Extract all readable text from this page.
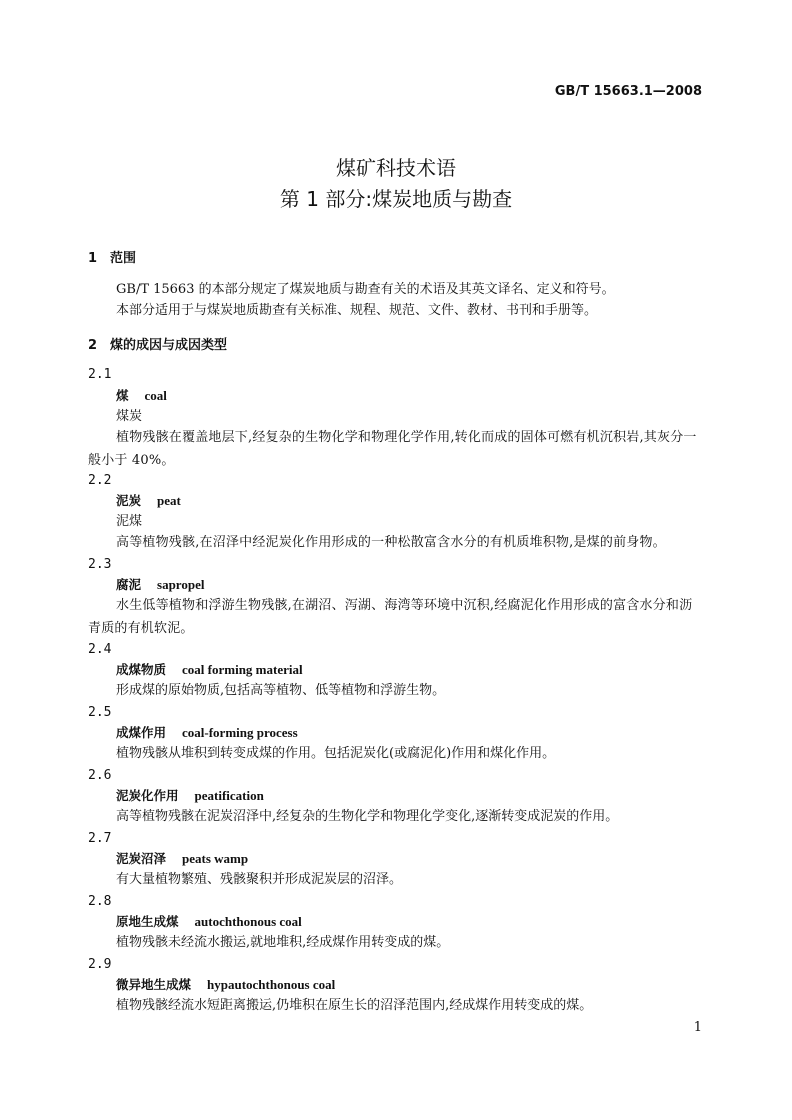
GB/T 15663.1—2008
煤矿科技术语
第 1 部分:煤炭地质与勘查
1　范围
GB/T 15663 的本部分规定了煤炭地质与勘查有关的术语及其英文译名、定义和符号。
本部分适用于与煤炭地质勘查有关标准、规程、规范、文件、教材、书刊和手册等。
2　煤的成因与成因类型
2.1
煤 coal
煤炭
植物残骸在覆盖地层下,经复杂的生物化学和物理化学作用,转化而成的固体可燃有机沉积岩,其灰分一般小于 40%。
2.2
泥炭 peat
泥煤
高等植物残骸,在沼泽中经泥炭化作用形成的一种松散富含水分的有机质堆积物,是煤的前身物。
2.3
腐泥 sapropel
水生低等植物和浮游生物残骸,在湖沼、泻湖、海湾等环境中沉积,经腐泥化作用形成的富含水分和沥青质的有机软泥。
2.4
成煤物质 coal forming material
形成煤的原始物质,包括高等植物、低等植物和浮游生物。
2.5
成煤作用 coal-forming process
植物残骸从堆积到转变成煤的作用。包括泥炭化(或腐泥化)作用和煤化作用。
2.6
泥炭化作用 peatification
高等植物残骸在泥炭沼泽中,经复杂的生物化学和物理化学变化,逐渐转变成泥炭的作用。
2.7
泥炭沼泽 peats wamp
有大量植物繁殖、残骸聚积并形成泥炭层的沼泽。
2.8
原地生成煤 autochthonous coal
植物残骸未经流水搬运,就地堆积,经成煤作用转变成的煤。
2.9
微异地生成煤 hypautochthonous coal
植物残骸经流水短距离搬运,仍堆积在原生长的沼泽范围内,经成煤作用转变成的煤。
1
